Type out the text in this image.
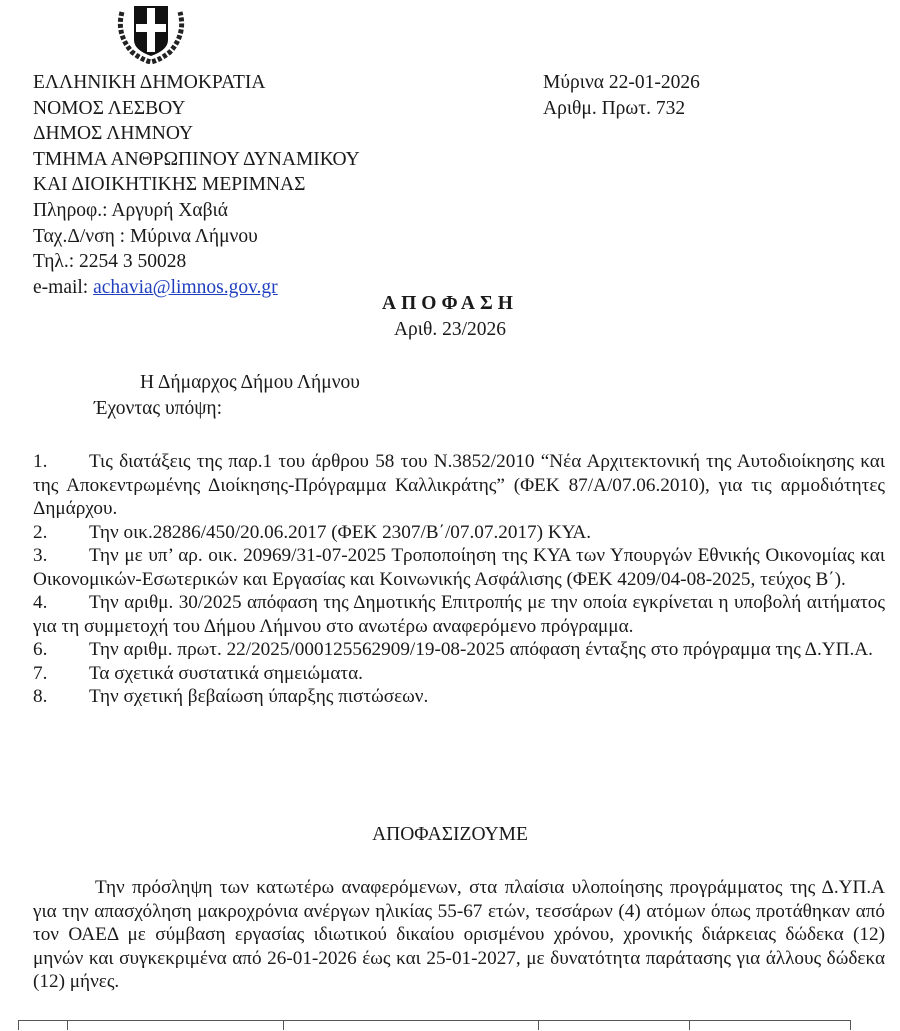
ΕΛΛΗΝΙΚΗ ΔΗΜΟΚΡΑΤΙΑ
ΝΟΜΟΣ ΛΕΣΒΟΥ
ΔΗΜΟΣ ΛΗΜΝΟΥ
ΤΜΗΜΑ ΑΝΘΡΩΠΙΝΟΥ ΔΥΝΑΜΙΚΟΥ
ΚΑΙ ΔΙΟΙΚΗΤΙΚΗΣ ΜΕΡΙΜΝΑΣ
Πληροφ.: Αργυρή Χαβιά
Ταχ.Δ/νση : Μύρινα Λήμνου
Τηλ.: 2254 3 50028
e-mail: achavia@limnos.gov.gr
Μύρινα 22-01-2026
Αριθμ. Πρωτ. 732
ΑΠΟΦΑΣΗ
Αριθ. 23/2026
Η Δήμαρχος Δήμου Λήμνου
Έχοντας υπόψη:
1. Τις διατάξεις της παρ.1 του άρθρου 58 του Ν.3852/2010 “Νέα Αρχιτεκτονική της Αυτοδιοίκησης και της Αποκεντρωμένης Διοίκησης-Πρόγραμμα Καλλικράτης” (ΦΕΚ 87/Α/07.06.2010), για τις αρμοδιότητες Δημάρχου.
2. Την οικ.28286/450/20.06.2017 (ΦΕΚ 2307/Β΄/07.07.2017) ΚΥΑ.
3. Την με υπ’ αρ. οικ. 20969/31-07-2025 Τροποποίηση της ΚΥΑ των Υπουργών Εθνικής Οικονομίας και Οικονομικών-Εσωτερικών και Εργασίας και Κοινωνικής Ασφάλισης (ΦΕΚ 4209/04-08-2025, τεύχος Β΄).
4. Την αριθμ. 30/2025 απόφαση της Δημοτικής Επιτροπής με την οποία εγκρίνεται η υποβολή αιτήματος για τη συμμετοχή του Δήμου Λήμνου στο ανωτέρω αναφερόμενο πρόγραμμα.
6. Την αριθμ. πρωτ. 22/2025/000125562909/19-08-2025 απόφαση ένταξης στο πρόγραμμα της Δ.ΥΠ.Α.
7. Τα σχετικά συστατικά σημειώματα.
8. Την σχετική βεβαίωση ύπαρξης πιστώσεων.
ΑΠΟΦΑΣΙΖΟΥΜΕ
Την πρόσληψη των κατωτέρω αναφερόμενων, στα πλαίσια υλοποίησης προγράμματος της Δ.ΥΠ.Α για την απασχόληση μακροχρόνια ανέργων ηλικίας 55-67 ετών, τεσσάρων (4) ατόμων όπως προτάθηκαν από τον ΟΑΕΔ με σύμβαση εργασίας ιδιωτικού δικαίου ορισμένου χρόνου, χρονικής διάρκειας δώδεκα (12) μηνών και συγκεκριμένα από 26-01-2026 έως και 25-01-2027, με δυνατότητα παράτασης για άλλους δώδεκα (12) μήνες.
